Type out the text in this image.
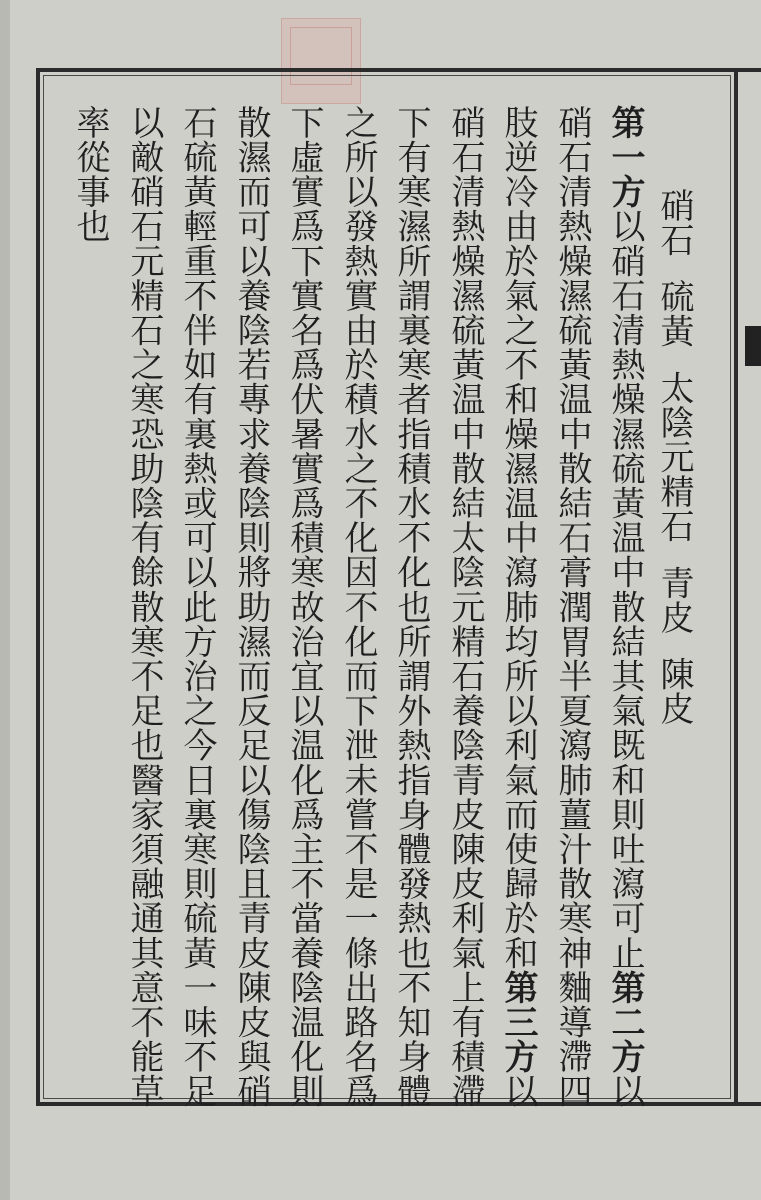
硝石硫黃太陰元精石青皮陳皮
第一方以硝石清熱燥濕硫黃温中散結其氣既和則吐瀉可止第二方以
硝石清熱燥濕硫黃温中散結石膏潤胃半夏瀉肺薑汁散寒神麯導滯四
肢逆冷由於氣之不和燥濕温中瀉肺均所以利氣而使歸於和第三方以
硝石清熱燥濕硫黃温中散結太陰元精石養陰青皮陳皮利氣上有積滯
下有寒濕所謂裏寒者指積水不化也所謂外熱指身體發熱也不知身體
之所以發熱實由於積水之不化因不化而下泄未嘗不是一條出路名爲
下虛實爲下實名爲伏暑實爲積寒故治宜以温化爲主不當養陰温化則
散濕而可以養陰若專求養陰則將助濕而反足以傷陰且青皮陳皮與硝
石硫黃輕重不伴如有裏熱或可以此方治之今日裏寒則硫黃一味不足
以敵硝石元精石之寒恐助陰有餘散寒不足也醫家須融通其意不能草
率從事也
